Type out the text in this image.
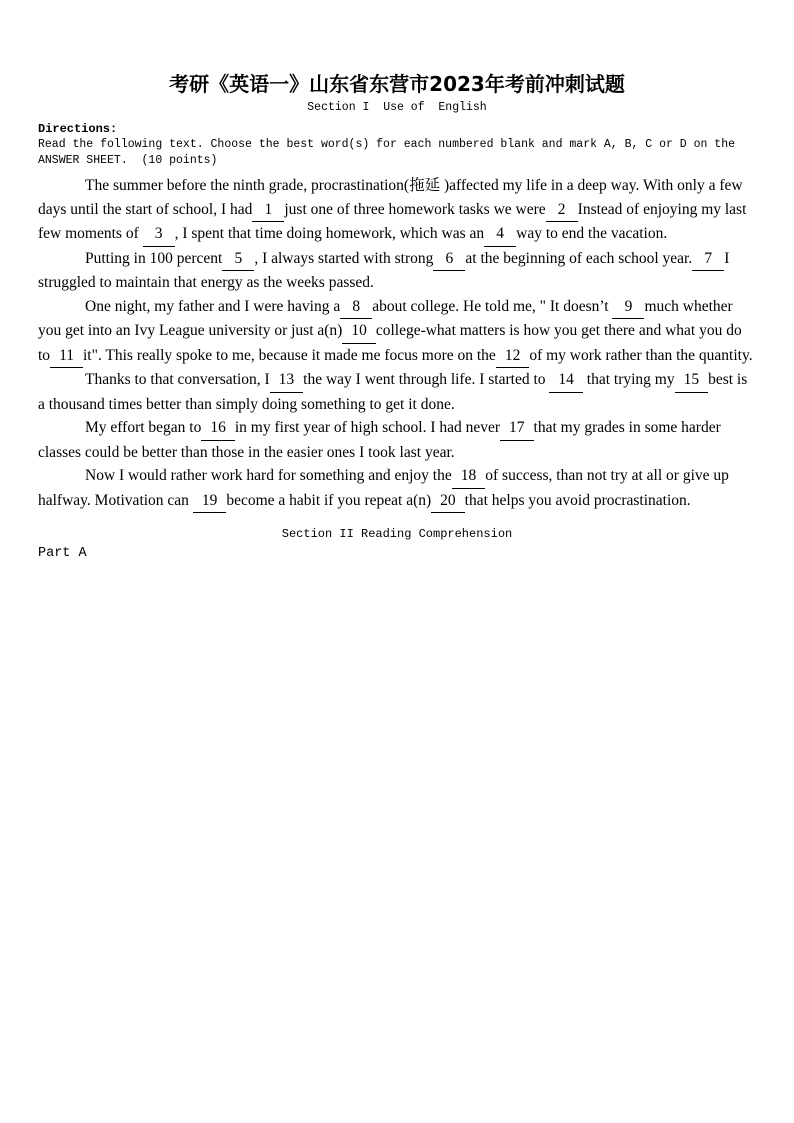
考研《英语一》山东省东营市2023年考前冲刺试题
Section I  Use of  English
Directions:
Read the following text. Choose the best word(s) for each numbered blank and mark A, B, C or D on the ANSWER SHEET.  (10 points)

The summer before the ninth grade, procrastination(拖延 )affected my life in a deep way. With only a few days until the start of school, I had 1 just one of three homework tasks we were 2 Instead of enjoying my last few moments of 3 , I spent that time doing homework, which was an 4 way to end the vacation.

Putting in 100 percent 5 , I always started with strong 6 at the beginning of each school year. 7 I struggled to maintain that energy as the weeks passed.

One night, my father and I were having a 8 about college. He told me, " It doesn’t 9 much whether you get into an Ivy League university or just a(n) 10 college-what matters is how you get there and what you do to 11 it". This really spoke to me, because it made me focus more on the 12 of my work rather than the quantity.

Thanks to that conversation, I 13 the way I went through life. I started to 14 that trying my 15 best is a thousand times better than simply doing something to get it done.

My effort began to 16 in my first year of high school. I had never 17 that my grades in some harder classes could be better than those in the easier ones I took last year.

Now I would rather work hard for something and enjoy the 18 of success, than not try at all or give up halfway. Motivation can 19 become a habit if you repeat a(n) 20 that helps you avoid procrastination.

Section II Reading Comprehension
Part A
